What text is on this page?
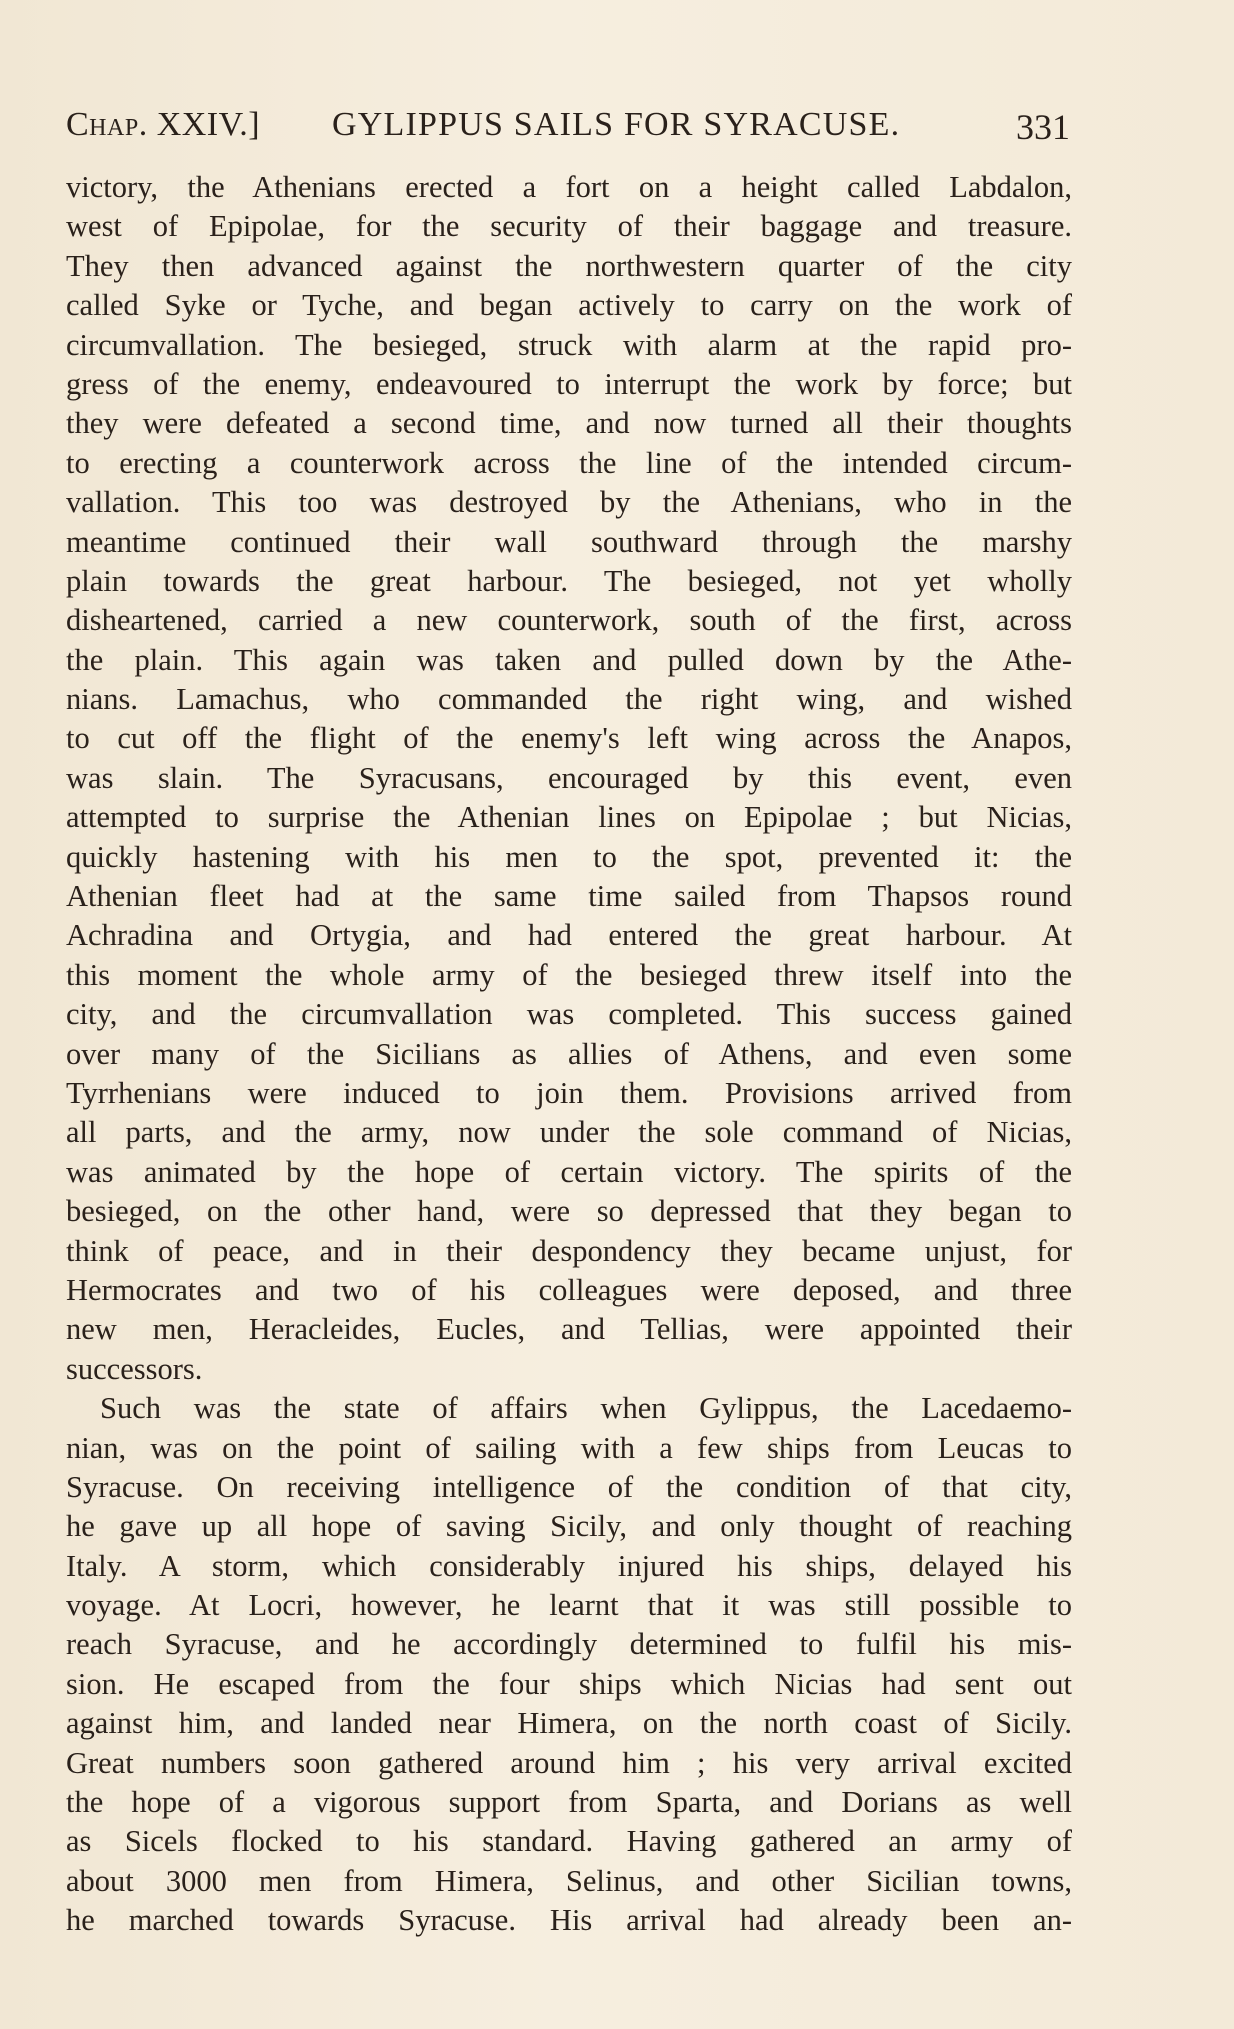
Chap. XXIV.] GYLIPPUS SAILS FOR SYRACUSE.	331
victory, the Athenians erected a fort on a height called Labdalon,
west of Epipolae, for the security of their baggage and treasure.
They then advanced against the northwestern quarter of the city
called Syke or Tyche, and began actively to carry on the work of
circumvallation. The besieged, struck with alarm at the rapid pro-
gress of the enemy, endeavoured to interrupt the work by force; but
they were defeated a second time, and now turned all their thoughts
to erecting a counterwork across the line of the intended circum-
vallation. This too was destroyed by the Athenians, who in the
meantime continued their wall southward through the marshy
plain towards the great harbour. The besieged, not yet wholly
disheartened, carried a new counterwork, south of the first, across
the plain. This again was taken and pulled down by the Athe-
nians. Lamachus, who commanded the right wing, and wished
to cut off the flight of the enemy's left wing across the Anapos,
was slain. The Syracusans, encouraged by this event, even
attempted to surprise the Athenian lines on Epipolae ; but Nicias,
quickly hastening with his men to the spot, prevented it: the
Athenian fleet had at the same time sailed from Thapsos round
Achradina and Ortygia, and had entered the great harbour. At
this moment the whole army of the besieged threw itself into the
city, and the circumvallation was completed. This success gained
over many of the Sicilians as allies of Athens, and even some
Tyrrhenians were induced to join them. Provisions arrived from
all parts, and the army, now under the sole command of Nicias,
was animated by the hope of certain victory. The spirits of the
besieged, on the other hand, were so depressed that they began to
think of peace, and in their despondency they became unjust, for
Hermocrates and two of his colleagues were deposed, and three
new men, Heracleides, Eucles, and Tellias, were appointed their
successors.
Such was the state of affairs when Gylippus, the Lacedaemo-
nian, was on the point of sailing with a few ships from Leucas to
Syracuse. On receiving intelligence of the condition of that city,
he gave up all hope of saving Sicily, and only thought of reaching
Italy. A storm, which considerably injured his ships, delayed his
voyage. At Locri, however, he learnt that it was still possible to
reach Syracuse, and he accordingly determined to fulfil his mis-
sion. He escaped from the four ships which Nicias had sent out
against him, and landed near Himera, on the north coast of Sicily.
Great numbers soon gathered around him ; his very arrival excited
the hope of a vigorous support from Sparta, and Dorians as well
as Sicels flocked to his standard. Having gathered an army of
about 3000 men from Himera, Selinus, and other Sicilian towns,
he marched towards Syracuse. His arrival had already been an-
